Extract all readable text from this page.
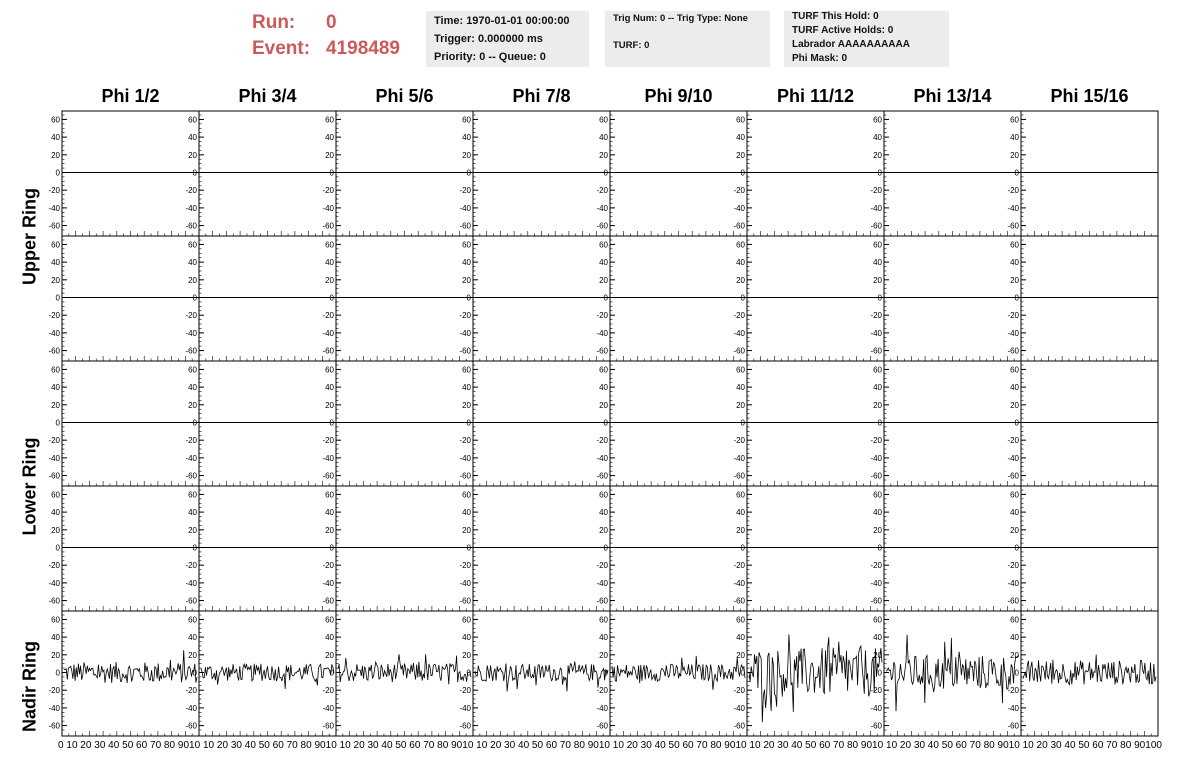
Run: 0
Event: 4198489
Time: 1970-01-01 00:00:00
Trigger: 0.000000 ms
Priority: 0 -- Queue: 0
Trig Num: 0 -- Trig Type: None
TURF: 0
TURF This Hold: 0
TURF Active Holds: 0
Labrador AAAAAAAAAA
Phi Mask: 0
Phi 1/2	Phi 3/4	Phi 5/6	Phi 7/8	Phi 9/10	Phi 11/12	Phi 13/14	Phi 15/16
Upper Ring
Lower Ring
Nadir Ring
60
40
20
0
-20
-40
-60
60
40
20
0
-20
-40
-60
60
40
20
0
-20
-40
-60
60
40
20
0
-20
-40
-60
60
40
20
0
-20
-40
-60
60
40
20
0
-20
-40
-60
60
40
20
0
-20
-40
-60
60
40
20
0
-20
-40
-60
60
40
20
0
-20
-40
-60
60
40
20
0
-20
-40
-60
60
40
20
0
-20
-40
-60
60
40
20
0
-20
-40
-60
60
40
20
0
-20
-40
-60
60
40
20
0
-20
-40
-60
60
40
20
0
-20
-40
-60
60
40
20
0
-20
-40
-60
60
40
20
0
-20
-40
-60
60
40
20
0
-20
-40
-60
60
40
20
0
-20
-40
-60
60
40
20
0
-20
-40
-60
60
40
20
0
-20
-40
-60
60
40
20
0
-20
-40
-60
60
40
20
0
-20
-40
-60
60
40
20
0
-20
-40
-60
60
40
20
0
-20
-40
-60
60
40
20
0
-20
-40
-60
60
40
20
0
-20
-40
-60
60
40
20
0
-20
-40
-60
60
40
20
0
-20
-40
-60
60
40
20
0
-20
-40
-60
60
40
20
0
-20
-40
-60
60
40
20
0
-20
-40
-60
60
40
20
0
-20
-40
-60
60
40
20
0
-20
-40
-60
60
40
20
0
-20
-40
-60
60
40
20
0
-20
-40
-60
60
40
20
0
-20
-40
-60
60
40
20
0
-20
-40
-60
60
40
20
0
-20
-40
-60
60
40
20
0
-20
-40
-60
0 10 20 30 40 50 60 70 80 9010 10 20 30 40 50 60 70 80 9010 10 20 30 40 50 60 70 80 9010 10 20 30 40 50 60 70 80 9010 10 20 30 40 50 60 70 80 9010 10 20 30 40 50 60 70 80 9010 10 20 30 40 50 60 70 80 9010 10 20 30 40 50 60 70 80 90100
